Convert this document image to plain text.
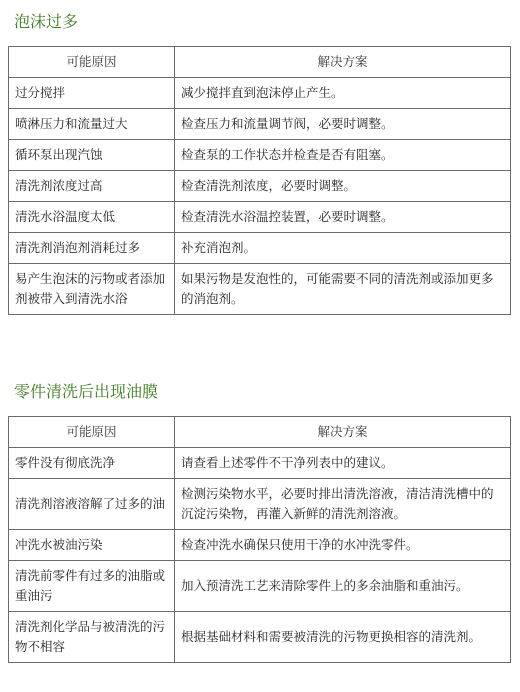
泡沫过多
可能原因	解决方案
过分搅拌	减少搅拌直到泡沫停止产生。
喷淋压力和流量过大	检查压力和流量调节阀，必要时调整。
循环泵出现汽蚀	检查泵的工作状态并检查是否有阻塞。
清洗剂浓度过高	检查清洗剂浓度，必要时调整。
清洗水浴温度太低	检查清洗水浴温控装置，必要时调整。
清洗剂消泡剂消耗过多	补充消泡剂。
易产生泡沫的污物或者添加剂被带入到清洗水浴	如果污物是发泡性的，可能需要不同的清洗剂或添加更多的消泡剂。
零件清洗后出现油膜
可能原因	解决方案
零件没有彻底洗净	请查看上述零件不干净列表中的建议。
清洗剂溶液溶解了过多的油	检测污染物水平，必要时排出清洗溶液，清洁清洗槽中的沉淀污染物，再灌入新鲜的清洗剂溶液。
冲洗水被油污染	检查冲洗水确保只使用干净的水冲洗零件。
清洗前零件有过多的油脂或重油污	加入预清洗工艺来清除零件上的多余油脂和重油污。
清洗剂化学品与被清洗的污物不相容	根据基础材料和需要被清洗的污物更换相容的清洗剂。
